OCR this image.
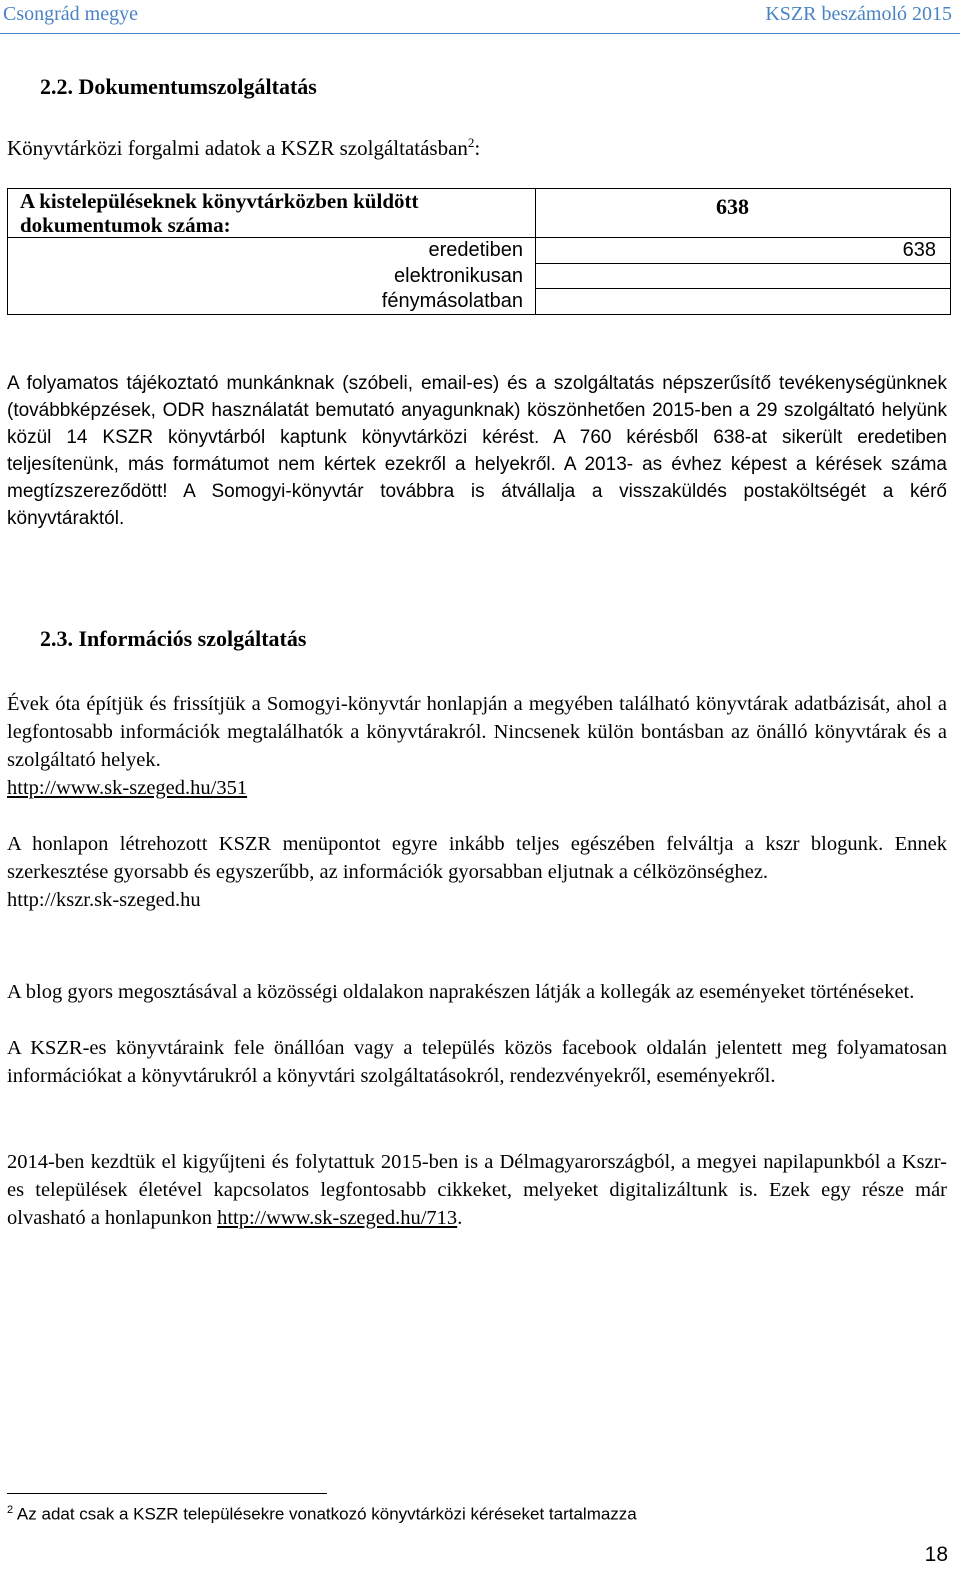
Csongrád megye	KSZR beszámoló 2015
2.2. Dokumentumszolgáltatás
Könyvtárközi forgalmi adatok a KSZR szolgáltatásban$^2$:
A kistelepüléseknek könyvtárközben küldött dokumentumok száma:	638
eredetiben	638
elektronikusan	
fénymásolatban	

A folyamatos tájékoztató munkánknak (szóbeli, email-es) és a szolgáltatás népszerűsítő tevékenységünknek (továbbképzések, ODR használatát bemutató anyagunknak) köszönhetően 2015-ben a 29 szolgáltató helyünk közül 14 KSZR könyvtárból kaptunk könyvtárközi kérést. A 760 kérésből 638-at sikerült eredetiben teljesítenünk, más formátumot nem kértek ezekről a helyekről. A 2013- as évhez képest a kérések száma megtízszereződött! A Somogyi-könyvtár továbbra is átvállalja a visszaküldés postaköltségét a kérő könyvtáraktól.

2.3. Információs szolgáltatás
Évek óta építjük és frissítjük a Somogyi-könyvtár honlapján a megyében található könyvtárak adatbázisát, ahol a legfontosabb információk megtalálhatók a könyvtárakról. Nincsenek külön bontásban az önálló könyvtárak és a szolgáltató helyek.
http://www.sk-szeged.hu/351
A honlapon létrehozott KSZR menüpontot egyre inkább teljes egészében felváltja a kszr blogunk. Ennek szerkesztése gyorsabb és egyszerűbb, az információk gyorsabban eljutnak a célközönséghez.
http://kszr.sk-szeged.hu

A blog gyors megosztásával a közösségi oldalakon naprakészen látják a kollegák az eseményeket történéseket.

A KSZR-es könyvtáraink fele önállóan vagy a település közös facebook oldalán jelentett meg folyamatosan információkat a könyvtárukról a könyvtári szolgáltatásokról, rendezvényekről, eseményekről.

2014-ben kezdtük el kigyűjteni és folytattuk 2015-ben is a Délmagyarországból, a megyei napilapunkból a Kszr-es települések életével kapcsolatos legfontosabb cikkeket, melyeket digitalizáltunk is. Ezek egy része már olvasható a honlapunkon http://www.sk-szeged.hu/713.
$^2$ Az adat csak a KSZR településekre vonatkozó könyvtárközi kéréseket tartalmazza
18
